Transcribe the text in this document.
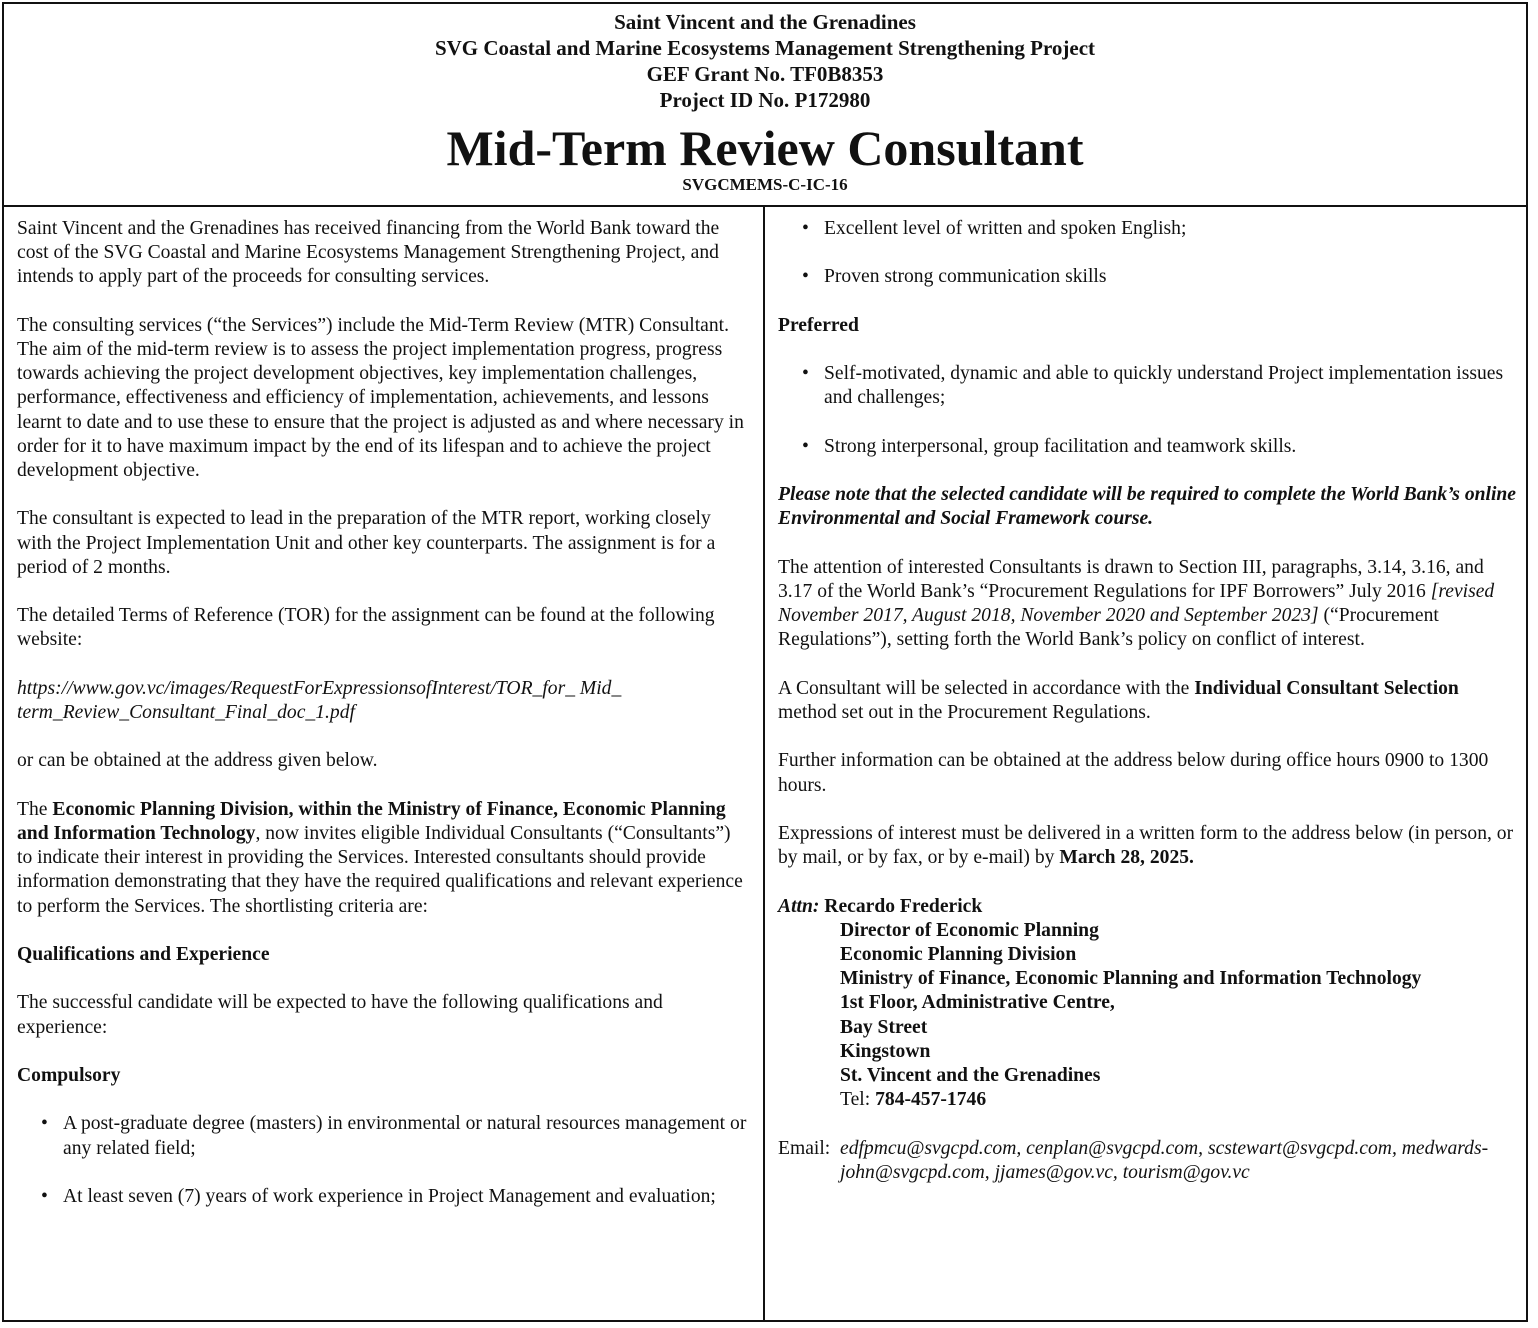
Saint Vincent and the Grenadines
SVG Coastal and Marine Ecosystems Management Strengthening Project
GEF Grant No. TF0B8353
Project ID No. P172980
Mid-Term Review Consultant
SVGCMEMS-C-IC-16

Saint Vincent and the Grenadines has received financing from the World Bank toward the cost of the SVG Coastal and Marine Ecosystems Management Strengthening Project, and intends to apply part of the proceeds for consulting services.

The consulting services (“the Services”) include the Mid-Term Review (MTR) Consultant. The aim of the mid-term review is to assess the project implementation progress, progress towards achieving the project development objectives, key implementation challenges, performance, effectiveness and efficiency of implementation, achievements, and lessons learnt to date and to use these to ensure that the project is adjusted as and where necessary in order for it to have maximum impact by the end of its lifespan and to achieve the project development objective.

The consultant is expected to lead in the preparation of the MTR report, working closely with the Project Implementation Unit and other key counterparts. The assignment is for a period of 2 months.

The detailed Terms of Reference (TOR) for the assignment can be found at the following website:

https://www.gov.vc/images/RequestForExpressionsofInterest/TOR_for_ Mid_ term_Review_Consultant_Final_doc_1.pdf

or can be obtained at the address given below.

The Economic Planning Division, within the Ministry of Finance, Economic Planning and Information Technology, now invites eligible Individual Consultants (“Consultants”) to indicate their interest in providing the Services. Interested consultants should provide information demonstrating that they have the required qualifications and relevant experience to perform the Services. The shortlisting criteria are:

Qualifications and Experience

The successful candidate will be expected to have the following qualifications and experience:

Compulsory

• A post-graduate degree (masters) in environmental or natural resources management or any related field;
• At least seven (7) years of work experience in Project Management and evaluation;
• Excellent level of written and spoken English;
• Proven strong communication skills

Preferred

• Self-motivated, dynamic and able to quickly understand Project implementation issues and challenges;
• Strong interpersonal, group facilitation and teamwork skills.

Please note that the selected candidate will be required to complete the World Bank’s online Environmental and Social Framework course.

The attention of interested Consultants is drawn to Section III, paragraphs, 3.14, 3.16, and 3.17 of the World Bank’s “Procurement Regulations for IPF Borrowers” July 2016 [revised November 2017, August 2018, November 2020 and September 2023] (“Procurement Regulations”), setting forth the World Bank’s policy on conflict of interest.

A Consultant will be selected in accordance with the Individual Consultant Selection method set out in the Procurement Regulations.

Further information can be obtained at the address below during office hours 0900 to 1300 hours.

Expressions of interest must be delivered in a written form to the address below (in person, or by mail, or by fax, or by e-mail) by March 28, 2025.

Attn: Recardo Frederick
Director of Economic Planning
Economic Planning Division
Ministry of Finance, Economic Planning and Information Technology
1st Floor, Administrative Centre,
Bay Street
Kingstown
St. Vincent and the Grenadines
Tel: 784-457-1746
Email: edfpmcu@svgcpd.com, cenplan@svgcpd.com, scstewart@svgcpd.com, medwards-john@svgcpd.com, jjames@gov.vc, tourism@gov.vc
